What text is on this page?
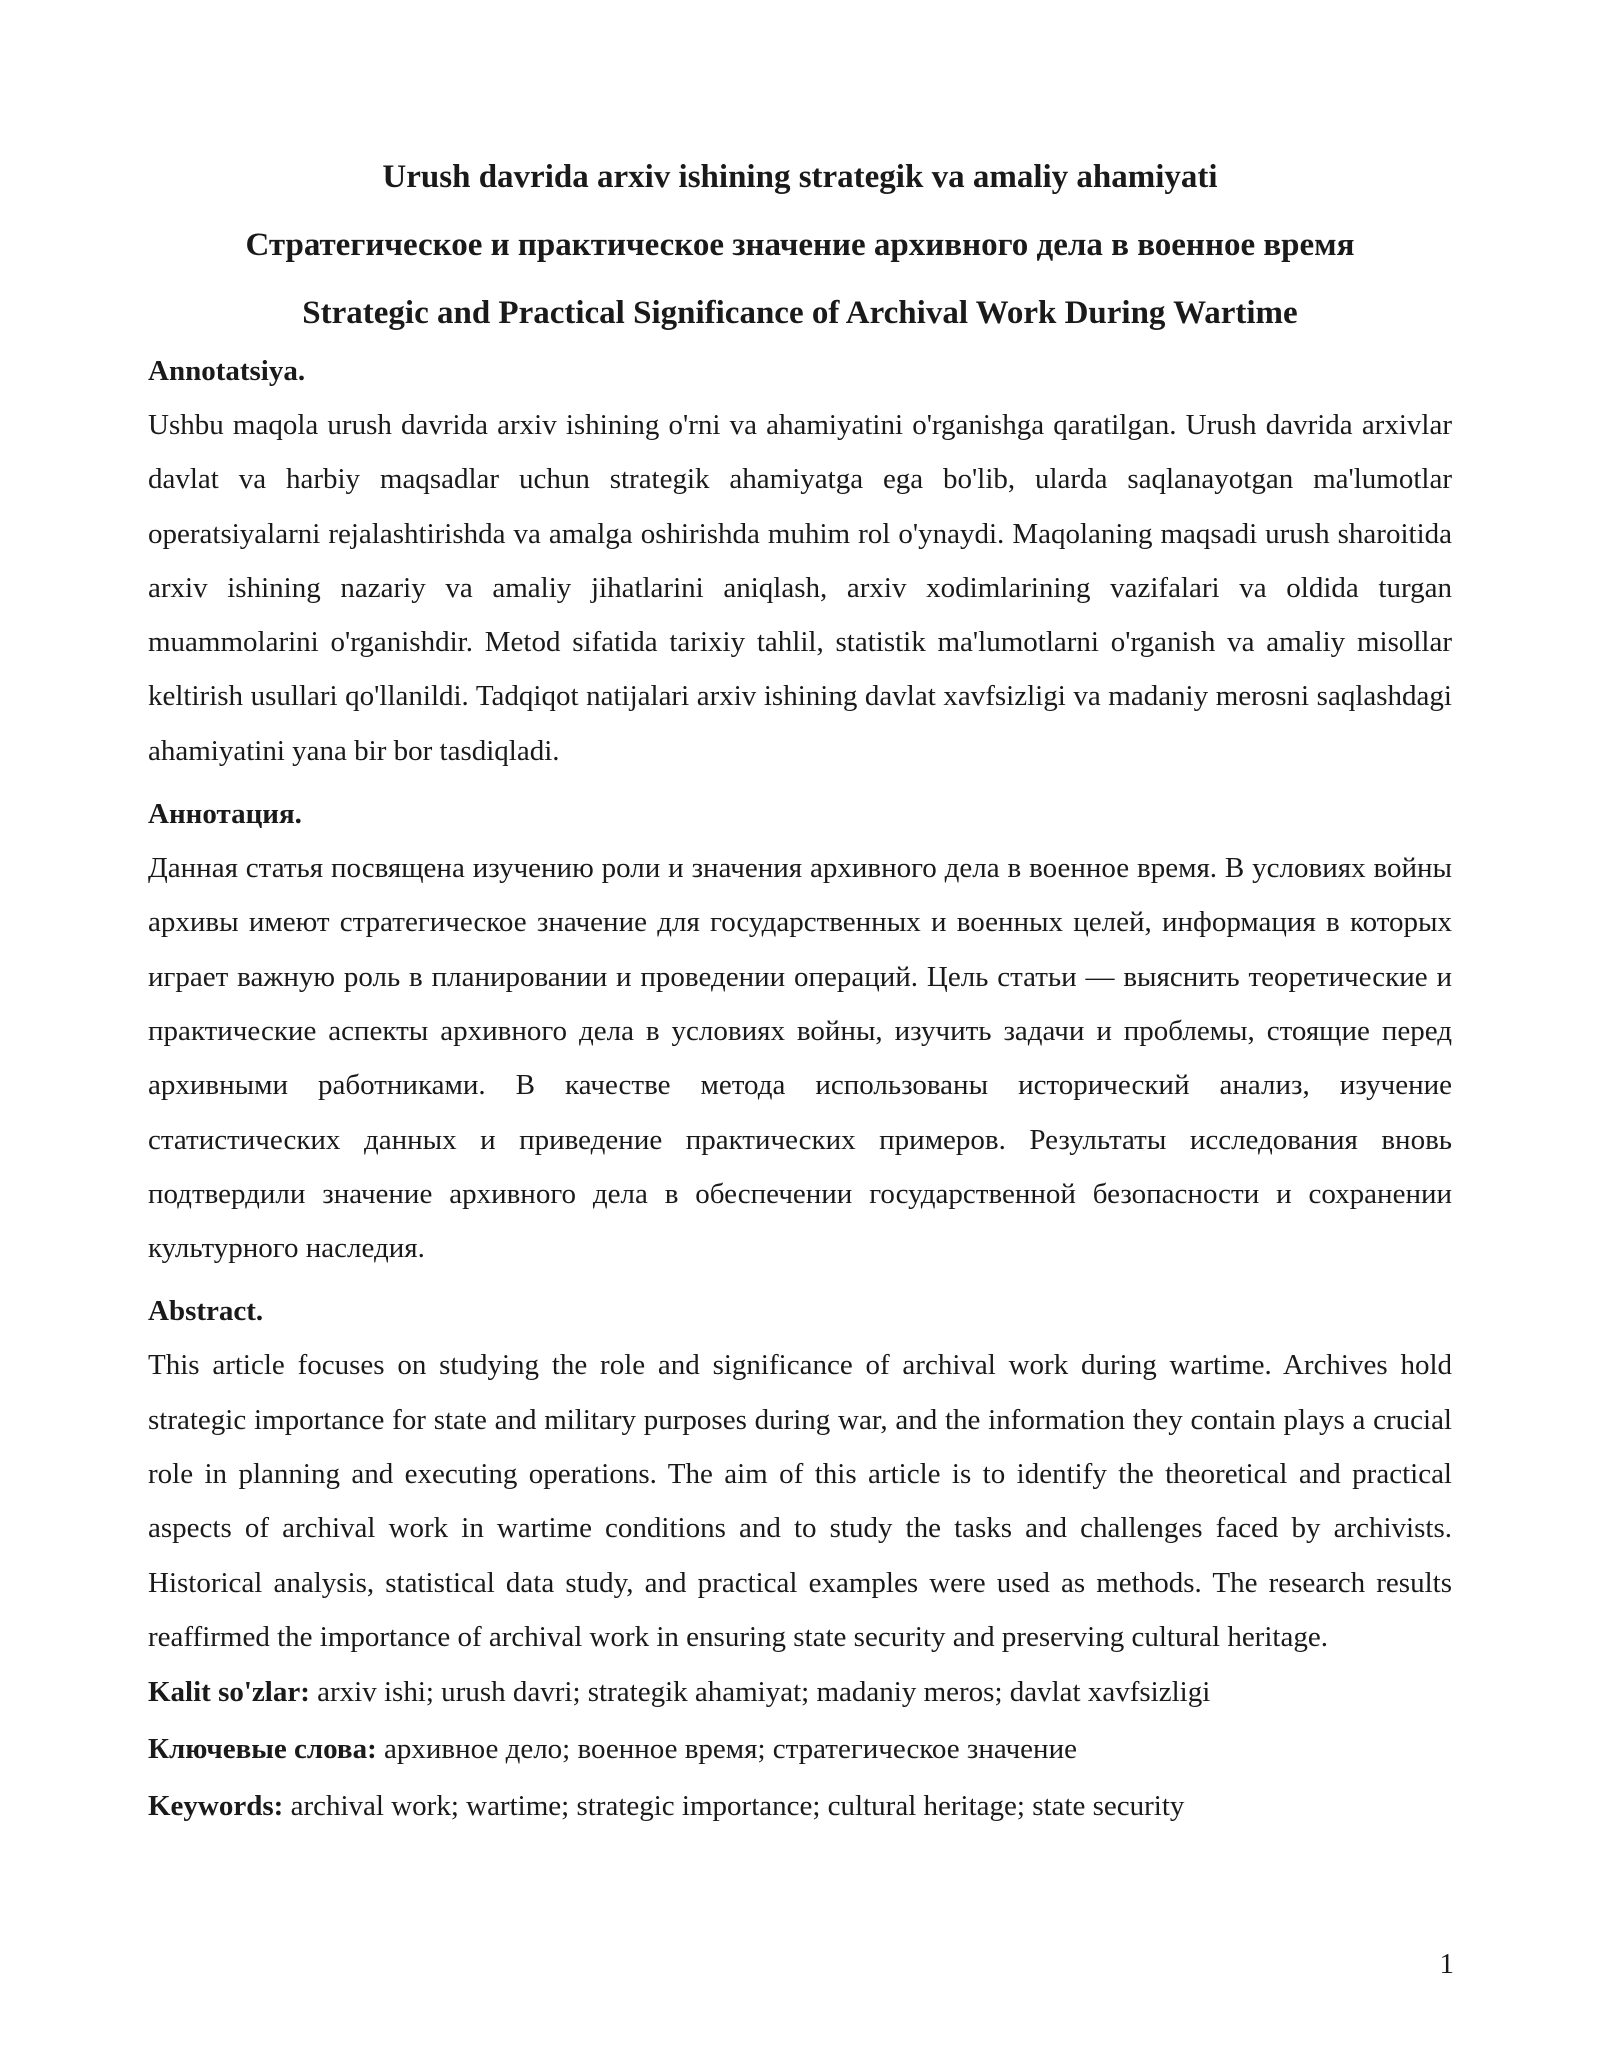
Urush davrida arxiv ishining strategik va amaliy ahamiyati

Стратегическое и практическое значение архивного дела в военное время

Strategic and Practical Significance of Archival Work During Wartime

Annotatsiya.

Ushbu maqola urush davrida arxiv ishining o'rni va ahamiyatini o'rganishga qaratilgan. Urush davrida arxivlar davlat va harbiy maqsadlar uchun strategik ahamiyatga ega bo'lib, ularda saqlanayotgan ma'lumotlar operatsiyalarni rejalashtirishda va amalga oshirishda muhim rol o'ynaydi. Maqolaning maqsadi urush sharoitida arxiv ishining nazariy va amaliy jihatlarini aniqlash, arxiv xodimlarining vazifalari va oldida turgan muammolarini o'rganishdir. Metod sifatida tarixiy tahlil, statistik ma'lumotlarni o'rganish va amaliy misollar keltirish usullari qo'llanildi. Tadqiqot natijalari arxiv ishining davlat xavfsizligi va madaniy merosni saqlashdagi ahamiyatini yana bir bor tasdiqladi.

Аннотация.

Данная статья посвящена изучению роли и значения архивного дела в военное время. В условиях войны архивы имеют стратегическое значение для государственных и военных целей, информация в которых играет важную роль в планировании и проведении операций. Цель статьи — выяснить теоретические и практические аспекты архивного дела в условиях войны, изучить задачи и проблемы, стоящие перед архивными работниками. В качестве метода использованы исторический анализ, изучение статистических данных и приведение практических примеров. Результаты исследования вновь подтвердили значение архивного дела в обеспечении государственной безопасности и сохранении культурного наследия.

Abstract.

This article focuses on studying the role and significance of archival work during wartime. Archives hold strategic importance for state and military purposes during war, and the information they contain plays a crucial role in planning and executing operations. The aim of this article is to identify the theoretical and practical aspects of archival work in wartime conditions and to study the tasks and challenges faced by archivists. Historical analysis, statistical data study, and practical examples were used as methods. The research results reaffirmed the importance of archival work in ensuring state security and preserving cultural heritage.

Kalit so'zlar: arxiv ishi; urush davri; strategik ahamiyat; madaniy meros; davlat xavfsizligi

Ключевые слова: архивное дело; военное время; стратегическое значение

Keywords: archival work; wartime; strategic importance; cultural heritage; state security

1
